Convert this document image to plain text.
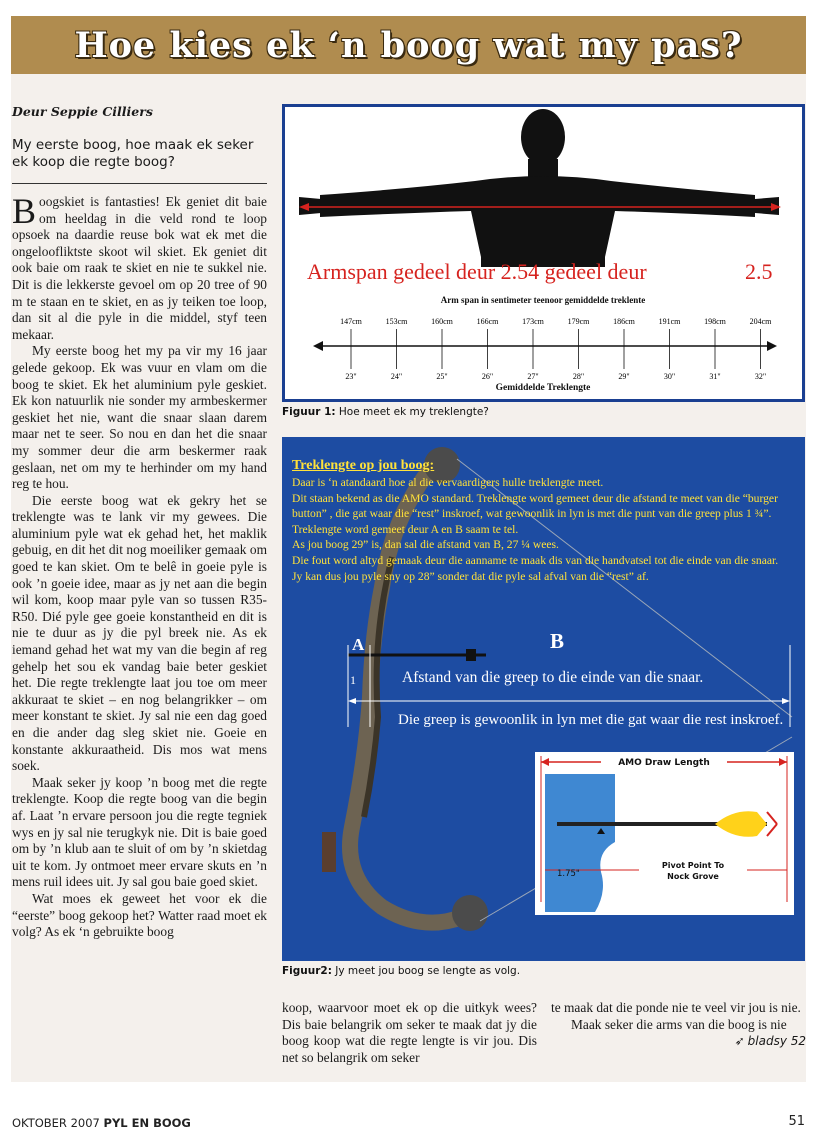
Hoe kies ek ‘n boog wat my pas?
Deur Seppie Cilliers
My eerste boog, hoe maak ek seker ek koop die regte boog?

Boogskiet is fantasties! Ek geniet dit baie om heeldag in die veld rond te loop opsoek na daardie reuse bok wat ek met die ongeloofliktste skoot wil skiet. Ek geniet dit ook baie om raak te skiet en nie te sukkel nie. Dit is die lekkerste gevoel om op 20 tree of 90 m te staan en te skiet, en as jy teiken toe loop, dan sit al die pyle in die middel, styf teen mekaar.

My eerste boog het my pa vir my 16 jaar gelede gekoop. Ek was vuur en vlam om die boog te skiet. Ek het aluminium pyle geskiet. Ek kon natuurlik nie sonder my armbeskermer geskiet het nie, want die snaar slaan darem maar net te seer. So nou en dan het die snaar my sommer deur die arm beskermer raak geslaan, net om my te herhinder om my hand reg te hou.

Die eerste boog wat ek gekry het se treklengte was te lank vir my gewees. Die aluminium pyle wat ek gehad het, het maklik gebuig, en dit het dit nog moeiliker gemaak om goed te kan skiet. Om te belê in goeie pyle is ook ’n goeie idee, maar as jy net aan die begin wil kom, koop maar pyle van so tussen R35-R50. Dié pyle gee goeie konstantheid en dit is nie te duur as jy die pyl breek nie. As ek iemand gehad het wat my van die begin af reg gehelp het sou ek vandag baie beter geskiet het. Die regte treklengte laat jou toe om meer akkuraat te skiet – en nog belangrikker – om meer konstant te skiet. Jy sal nie een dag goed en die ander dag sleg skiet nie. Goeie en konstante akkuraatheid. Dis mos wat mens soek.

Maak seker jy koop ’n boog met die regte treklengte. Koop die regte boog van die begin af. Laat ’n ervare persoon jou die regte tegniek wys en jy sal nie terugkyk nie. Dit is baie goed om by ’n klub aan te sluit of om by ’n skietdag uit te kom. Jy ontmoet meer ervare skuts en ’n mens ruil idees uit. Jy sal gou baie goed skiet.

Wat moes ek geweet het voor ek die “eerste” boog gekoop het? Watter raad moet ek volg? As ek ‘n gebruikte boog

Armspan gedeel deur 2.54 gedeel deur	2.5
Arm span in sentimeter teenoor gemiddelde treklente
147cm	153cm	160cm	166cm	173cm	179cm	186cm	191cm	198cm	204cm
23"	24"	25"	26"	27"	28"	29"	30"	31"	32"
Gemiddelde Treklengte
Figuur 1: Hoe meet ek my treklengte?
Treklengte op jou boog:
Daar is ‘n atandaard hoe al die vervaardigers hulle treklengte meet.
Dit staan bekend as die AMO standard. Treklengte word gemeet deur die afstand te meet van die “burger button” , die gat waar die “rest” inskroef, wat gewoonlik in lyn is met die punt van die greep plus 1 ¾”.
Treklengte word gemeet deur A en B saam te tel.
As jou boog 29” is, dan sal die afstand van B, 27 ¼ wees.
Die fout word altyd gemaak deur die aanname te maak dis van die handvatsel tot die einde van die snaar.
Jy kan dus jou pyle sny op 28” sonder dat die pyle sal afval van die “rest” af.
A	B
1	Afstand van die greep to die einde van die snaar.
Die greep is gewoonlik in lyn met die gat waar die rest inskroef.
AMO Draw Length
1.75"
Pivot Point To
Nock Grove
Figuur2: Jy meet jou boog se lengte as volg.

koop, waarvoor moet ek op die uitkyk wees? Dis baie belangrik om seker te maak dat jy die boog koop wat die regte lengte is vir jou. Dis net so belangrik om seker

te maak dat die ponde nie te veel vir jou is nie.

Maak seker die arms van die boog is nie

➶ bladsy 52

OKTOBER 2007 PYL EN BOOG	51
